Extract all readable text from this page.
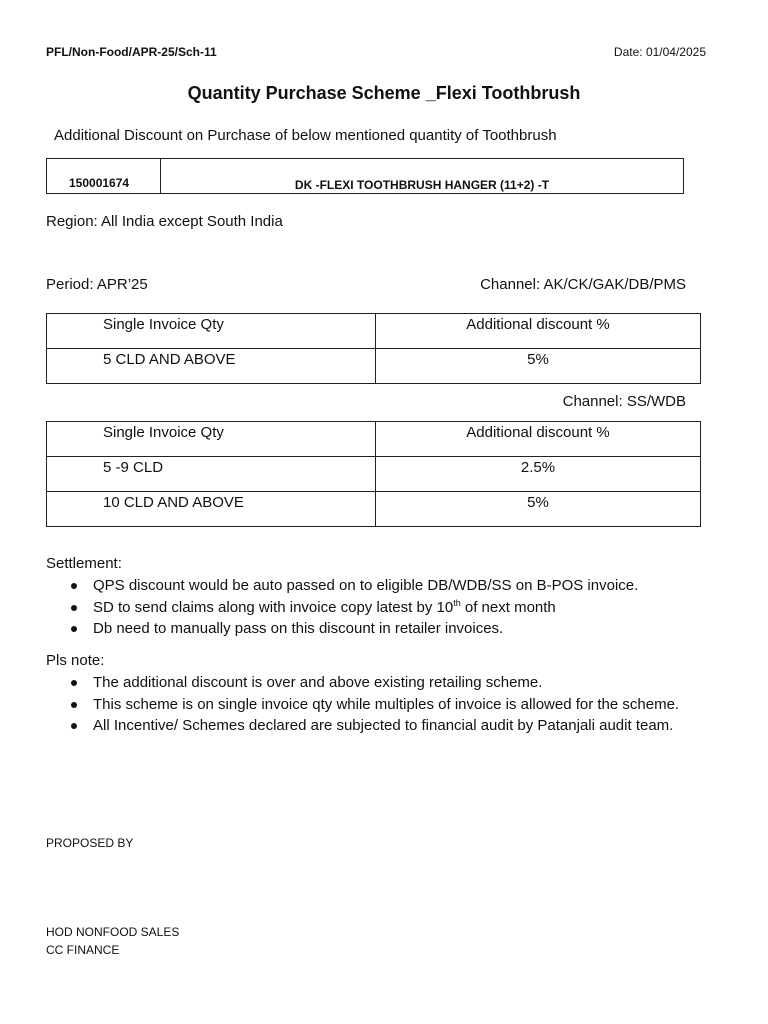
PFL/Non-Food/APR-25/Sch-11	Date: 01/04/2025
Quantity Purchase Scheme _Flexi Toothbrush
Additional Discount on Purchase of below mentioned quantity of Toothbrush
150001674	DK -FLEXI TOOTHBRUSH HANGER (11+2) -T
Region: All India except South India
Period: APR’25	Channel: AK/CK/GAK/DB/PMS
Single Invoice Qty	Additional discount %
5 CLD AND ABOVE	5%
Channel: SS/WDB
Single Invoice Qty	Additional discount %
5 -9 CLD	2.5%
10 CLD AND ABOVE	5%
Settlement:
QPS discount would be auto passed on to eligible DB/WDB/SS on B-POS invoice.
SD to send claims along with invoice copy latest by 10th of next month
Db need to manually pass on this discount in retailer invoices.
Pls note:
The additional discount is over and above existing retailing scheme.
This scheme is on single invoice qty while multiples of invoice is allowed for the scheme.
All Incentive/ Schemes declared are subjected to financial audit by Patanjali audit team.
PROPOSED BY
HOD NONFOOD SALES
CC FINANCE
